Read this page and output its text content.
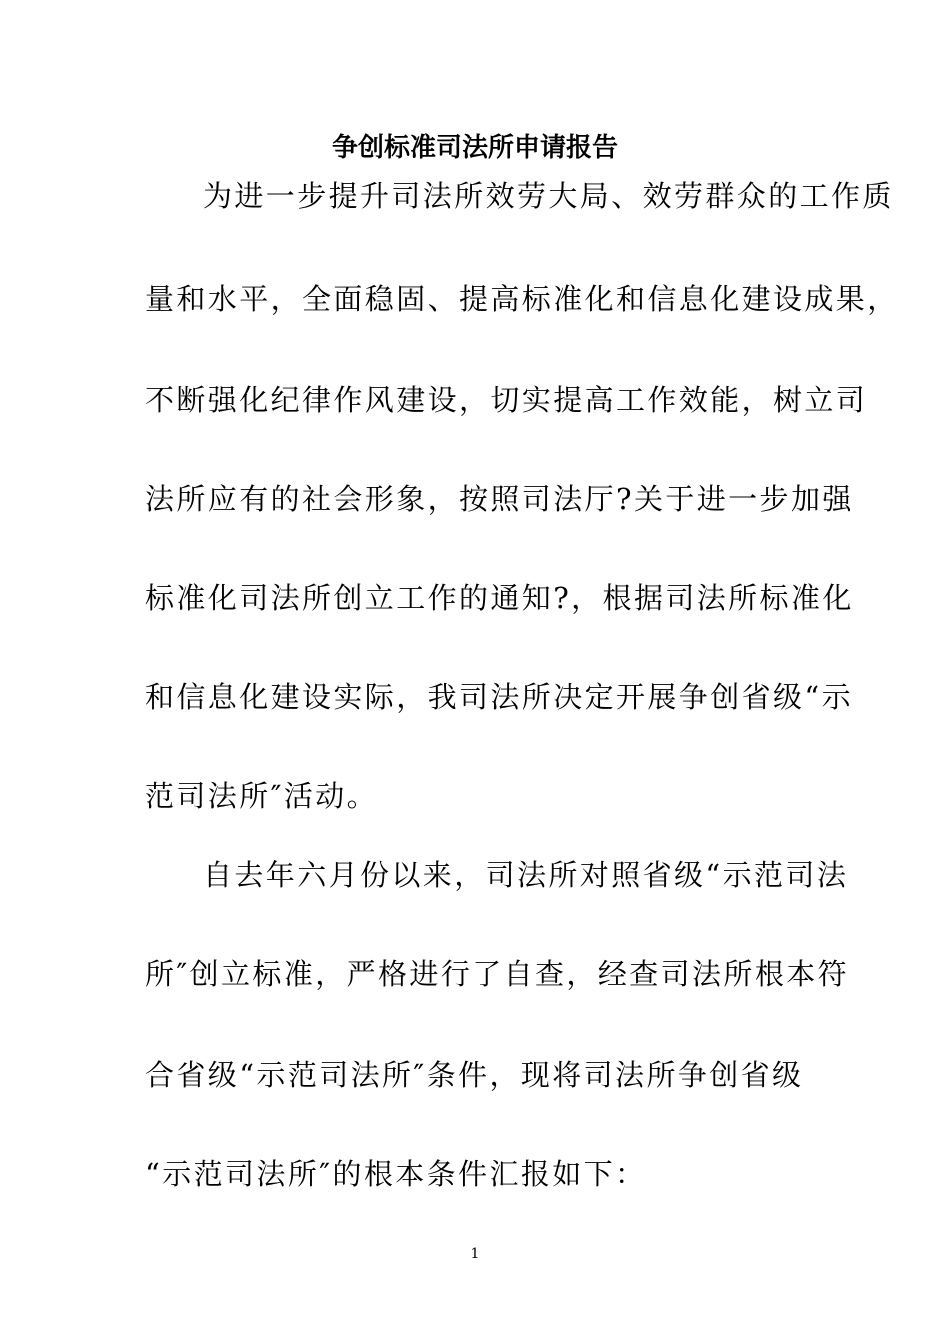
争创标准司法所申请报告
为进一步提升司法所效劳大局、效劳群众的工作质
量和水平，全面稳固、提高标准化和信息化建设成果，
不断强化纪律作风建设，切实提高工作效能，树立司
法所应有的社会形象，按照司法厅?关于进一步加强
标准化司法所创立工作的通知?，根据司法所标准化
和信息化建设实际，我司法所决定开展争创省级“示
范司法所″活动。
自去年六月份以来，司法所对照省级“示范司法
所″创立标准，严格进行了自查，经查司法所根本符
合省级“示范司法所″条件，现将司法所争创省级
“示范司法所″的根本条件汇报如下：
1
